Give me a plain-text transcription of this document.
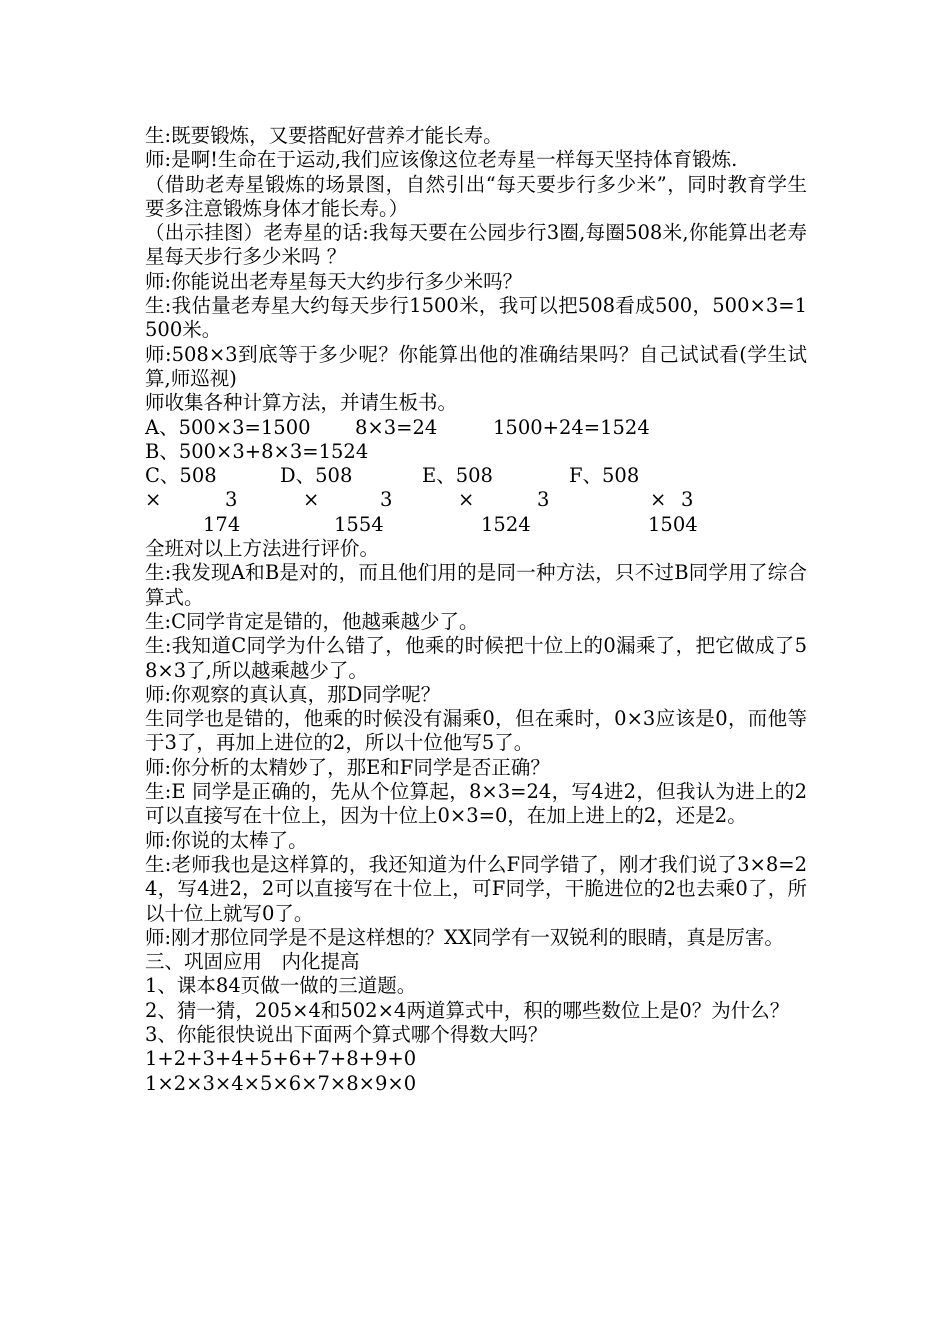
生:既要锻炼，又要搭配好营养才能长寿。

师:是啊!生命在于运动,我们应该像这位老寿星一样每天坚持体育锻炼.

（借助老寿星锻炼的场景图，自然引出“每天要步行多少米”，同时教育学生要多注意锻炼身体才能长寿。）

（出示挂图）老寿星的话:我每天要在公园步行3圈,每圈508米,你能算出老寿星每天步行多少米吗 ？

师:你能说出老寿星每天大约步行多少米吗？

生:我估量老寿星大约每天步行1500米，我可以把508看成500，500×3=1500米。

师:508×3到底等于多少呢？你能算出他的准确结果吗？自己试试看(学生试算,师巡视)

师收集各种计算方法，并请生板书。

A、500×3=1500 8×3=24	1500+24=1524

B、500×3+8×3=1524

C、508	D、508	E、508	F、508
×	3	×	3	×	3	× 3
174	1554	1524	1504

全班对以上方法进行评价。

生:我发现A和B是对的，而且他们用的是同一种方法，只不过B同学用了综合算式。

生:C同学肯定是错的，他越乘越少了。

生:我知道C同学为什么错了，他乘的时候把十位上的0漏乘了，把它做成了58×3了,所以越乘越少了。

师:你观察的真认真，那D同学呢？

生同学也是错的，他乘的时候没有漏乘0，但在乘时，0×3应该是0，而他等于3了，再加上进位的2，所以十位他写5了。

师:你分析的太精妙了，那E和F同学是否正确？

生:E 同学是正确的，先从个位算起，8×3=24，写4进2，但我认为进上的2可以直接写在十位上，因为十位上0×3=0，在加上进上的2，还是2。

师:你说的太棒了。

生:老师我也是这样算的，我还知道为什么F同学错了，刚才我们说了3×8=24，写4进2，2可以直接写在十位上，可F同学，干脆进位的2也去乘0了，所以十位上就写0了。

师:刚才那位同学是不是这样想的？XX同学有一双锐利的眼睛，真是厉害。

三、巩固应用　内化提高

1、课本84页做一做的三道题。

2、猜一猜，205×4和502×4两道算式中，积的哪些数位上是0？为什么？

3、你能很快说出下面两个算式哪个得数大吗？

1+2+3+4+5+6+7+8+9+0

1×2×3×4×5×6×7×8×9×0
